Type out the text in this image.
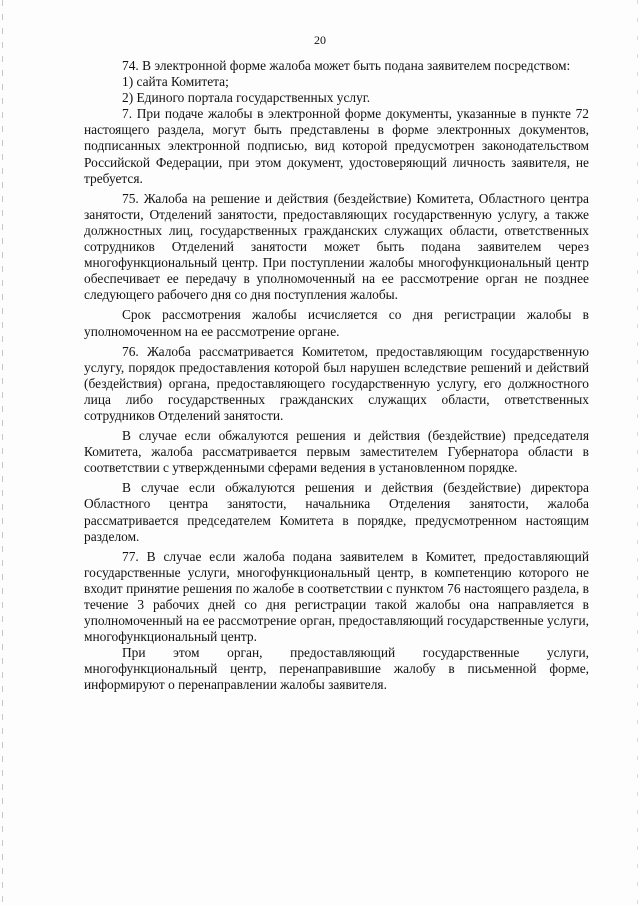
20

74. В электронной форме жалоба может быть подана заявителем посредством:

1) сайта Комитета;

2) Единого портала государственных услуг.

7. При подаче жалобы в электронной форме документы, указанные в пункте 72 настоящего раздела, могут быть представлены в форме электронных документов, подписанных электронной подписью, вид которой предусмотрен законодательством Российской Федерации, при этом документ, удостоверяющий личность заявителя, не требуется.

75. Жалоба на решение и действия (бездействие) Комитета, Областного центра занятости, Отделений занятости, предоставляющих государственную услугу, а также должностных лиц, государственных гражданских служащих области, ответственных сотрудников Отделений занятости может быть подана заявителем через многофункциональный центр. При поступлении жалобы многофункциональный центр обеспечивает ее передачу в уполномоченный на ее рассмотрение орган не позднее следующего рабочего дня со дня поступления жалобы.

Срок рассмотрения жалобы исчисляется со дня регистрации жалобы в уполномоченном на ее рассмотрение органе.

76. Жалоба рассматривается Комитетом, предоставляющим государственную услугу, порядок предоставления которой был нарушен вследствие решений и действий (бездействия) органа, предоставляющего государственную услугу, его должностного лица либо государственных гражданских служащих области, ответственных сотрудников Отделений занятости.

В случае если обжалуются решения и действия (бездействие) председателя Комитета, жалоба рассматривается первым заместителем Губернатора области в соответствии с утвержденными сферами ведения в установленном порядке.

В случае если обжалуются решения и действия (бездействие) директора Областного центра занятости, начальника Отделения занятости, жалоба рассматривается председателем Комитета в порядке, предусмотренном настоящим разделом.

77. В случае если жалоба подана заявителем в Комитет, предоставляющий государственные услуги, многофункциональный центр, в компетенцию которого не входит принятие решения по жалобе в соответствии с пунктом 76 настоящего раздела, в течение 3 рабочих дней со дня регистрации такой жалобы она направляется в уполномоченный на ее рассмотрение орган, предоставляющий государственные услуги, многофункциональный центр.

При этом орган, предоставляющий государственные услуги, многофункциональный центр, перенаправившие жалобу в письменной форме, информируют о перенаправлении жалобы заявителя.
